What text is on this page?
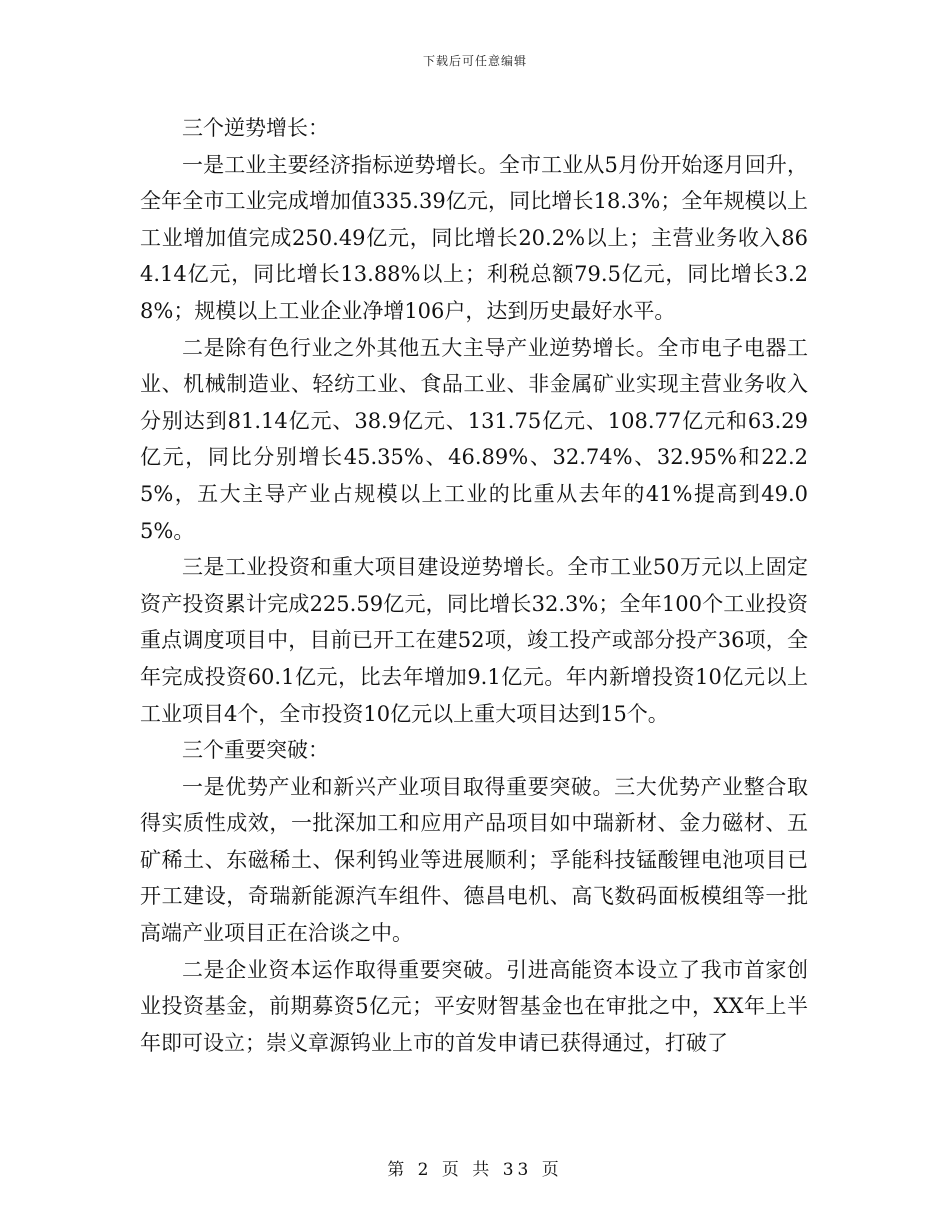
下载后可任意编辑

三个逆势增长：

一是工业主要经济指标逆势增长。全市工业从5月份开始逐月回升，全年全市工业完成增加值335.39亿元，同比增长18.3%；全年规模以上工业增加值完成250.49亿元，同比增长20.2%以上；主营业务收入864.14亿元，同比增长13.88%以上；利税总额79.5亿元，同比增长3.28%；规模以上工业企业净增106户，达到历史最好水平。

二是除有色行业之外其他五大主导产业逆势增长。全市电子电器工业、机械制造业、轻纺工业、食品工业、非金属矿业实现主营业务收入分别达到81.14亿元、38.9亿元、131.75亿元、108.77亿元和63.29亿元，同比分别增长45.35%、46.89%、32.74%、32.95%和22.25%，五大主导产业占规模以上工业的比重从去年的41%提高到49.05%。

三是工业投资和重大项目建设逆势增长。全市工业50万元以上固定资产投资累计完成225.59亿元，同比增长32.3%；全年100个工业投资重点调度项目中，目前已开工在建52项，竣工投产或部分投产36项，全年完成投资60.1亿元，比去年增加9.1亿元。年内新增投资10亿元以上工业项目4个，全市投资10亿元以上重大项目达到15个。

三个重要突破：

一是优势产业和新兴产业项目取得重要突破。三大优势产业整合取得实质性成效，一批深加工和应用产品项目如中瑞新材、金力磁材、五矿稀土、东磁稀土、保利钨业等进展顺利；孚能科技锰酸锂电池项目已开工建设，奇瑞新能源汽车组件、德昌电机、高飞数码面板模组等一批高端产业项目正在洽谈之中。

二是企业资本运作取得重要突破。引进高能资本设立了我市首家创业投资基金，前期募资5亿元；平安财智基金也在审批之中，XX年上半年即可设立；崇义章源钨业上市的首发申请已获得通过，打破了

第 2 页 共 33 页
